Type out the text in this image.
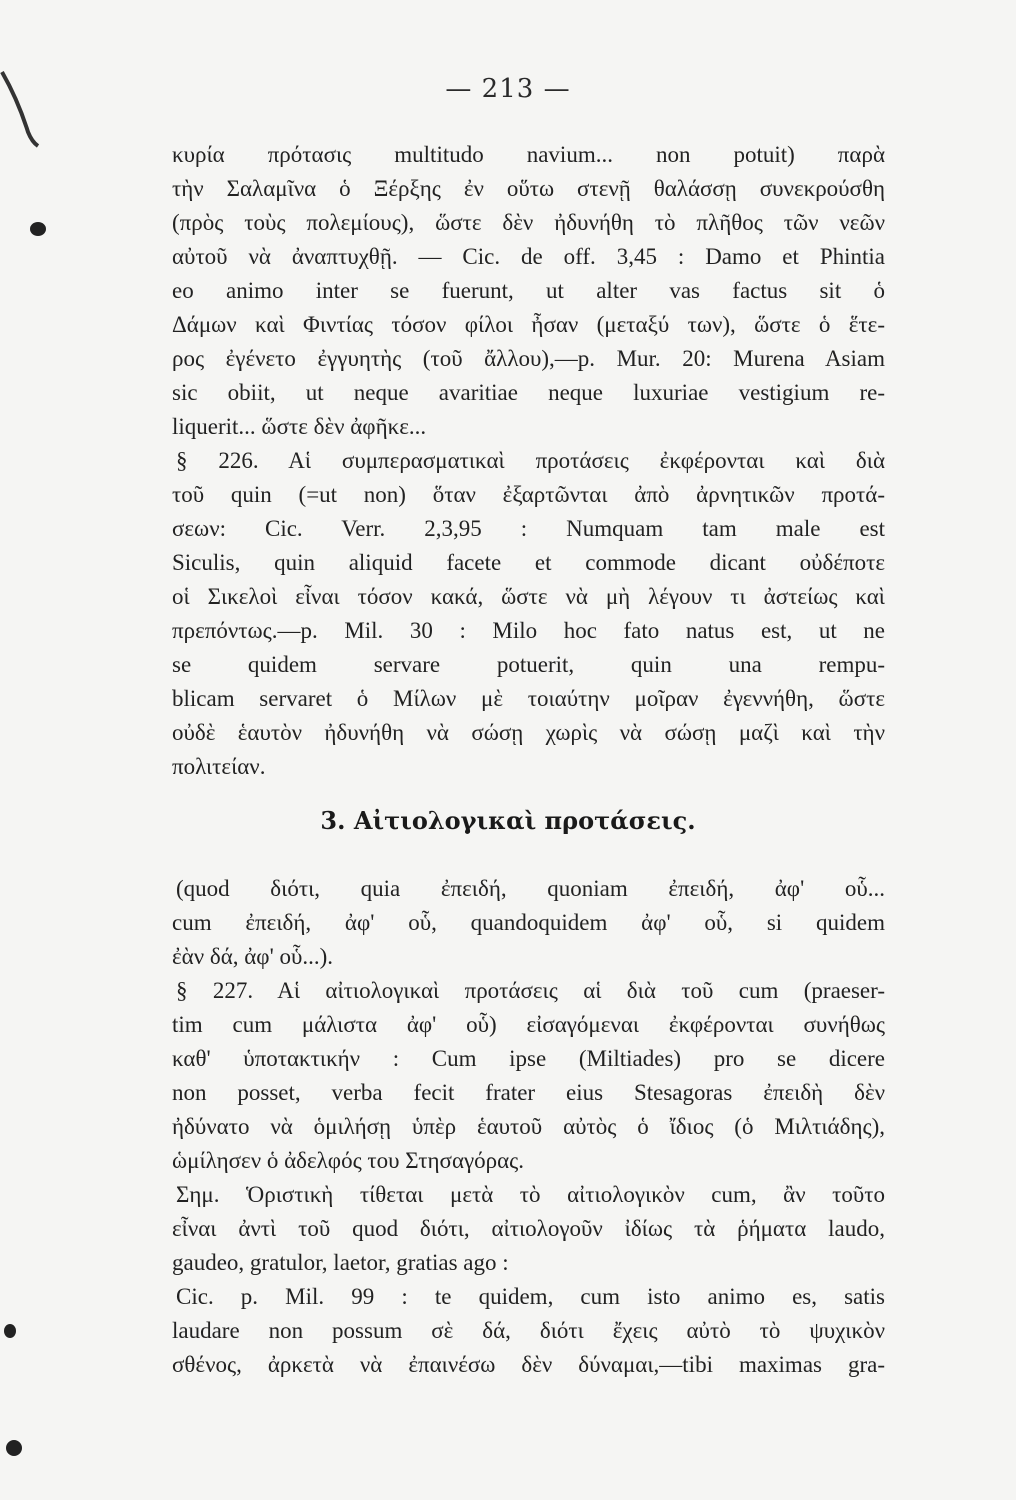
— 213 —
κυρία πρότασις multitudo navium... non potuit) παρὰ
τὴν Σαλαμῖνα ὁ Ξέρξης ἐν οὕτω στενῇ θαλάσσῃ συνεκρούσθη
(πρὸς τοὺς πολεμίους), ὥστε δὲν ἠδυνήθη τὸ πλῆθος τῶν νεῶν
αὐτοῦ νὰ ἀναπτυχθῇ. — Cic. de off. 3,45 : Damo et Phintia
eo animo inter se fuerunt, ut alter vas factus sit ὁ
Δάμων καὶ Φιντίας τόσον φίλοι ἦσαν (μεταξύ των), ὥστε ὁ ἕτε-
ρος ἐγένετο ἐγγυητὴς (τοῦ ἄλλου),—p. Mur. 20: Murena Asiam
sic obiit, ut neque avaritiae neque luxuriae vestigium re-
liquerit... ὥστε δὲν ἀφῆκε...
§ 226. Αἱ συμπερασματικαὶ προτάσεις ἐκφέρονται καὶ διὰ
τοῦ quin (=ut non) ὅταν ἐξαρτῶνται ἀπὸ ἀρνητικῶν προτά-
σεων: Cic. Verr. 2,3,95 : Numquam tam male est
Siculis, quin aliquid facete et commode dicant οὐδέποτε
οἱ Σικελοὶ εἶναι τόσον κακά, ὥστε νὰ μὴ λέγουν τι ἀστείως καὶ
πρεπόντως.—p. Mil. 30 : Milo hoc fato natus est, ut ne
se quidem servare potuerit, quin una rempu-
blicam servaret ὁ Μίλων μὲ τοιαύτην μοῖραν ἐγεννήθη, ὥστε
οὐδὲ ἑαυτὸν ἠδυνήθη νὰ σώσῃ χωρὶς νὰ σώσῃ μαζὶ καὶ τὴν
πολιτείαν.
3. Αἰτιολογικαὶ προτάσεις.
(quod διότι, quia ἐπειδή, quoniam ἐπειδή, ἀφ' οὗ...
cum ἐπειδή, ἀφ' οὗ, quandoquidem ἀφ' οὗ, si quidem
ἐὰν δά, ἀφ' οὗ...).
§ 227. Αἱ αἰτιολογικαὶ προτάσεις αἱ διὰ τοῦ cum (praeser-
tim cum μάλιστα ἀφ' οὗ) εἰσαγόμεναι ἐκφέρονται συνήθως
καθ' ὑποτακτικήν : Cum ipse (Miltiades) pro se dicere
non posset, verba fecit frater eius Stesagoras ἐπειδὴ δὲν
ἠδύνατο νὰ ὁμιλήσῃ ὑπὲρ ἑαυτοῦ αὐτὸς ὁ ἴδιος (ὁ Μιλτιάδης),
ὡμίλησεν ὁ ἀδελφός του Στησαγόρας.
Σημ. Ὁριστικὴ τίθεται μετὰ τὸ αἰτιολογικὸν cum, ἂν τοῦτο
εἶναι ἀντὶ τοῦ quod διότι, αἰτιολογοῦν ἰδίως τὰ ῥήματα laudo,
gaudeo, gratulor, laetor, gratias ago :
Cic. p. Mil. 99 : te quidem, cum isto animo es, satis
laudare non possum σὲ δά, διότι ἔχεις αὐτὸ τὸ ψυχικὸν
σθένος, ἀρκετὰ νὰ ἐπαινέσω δὲν δύναμαι,—tibi maximas gra-
